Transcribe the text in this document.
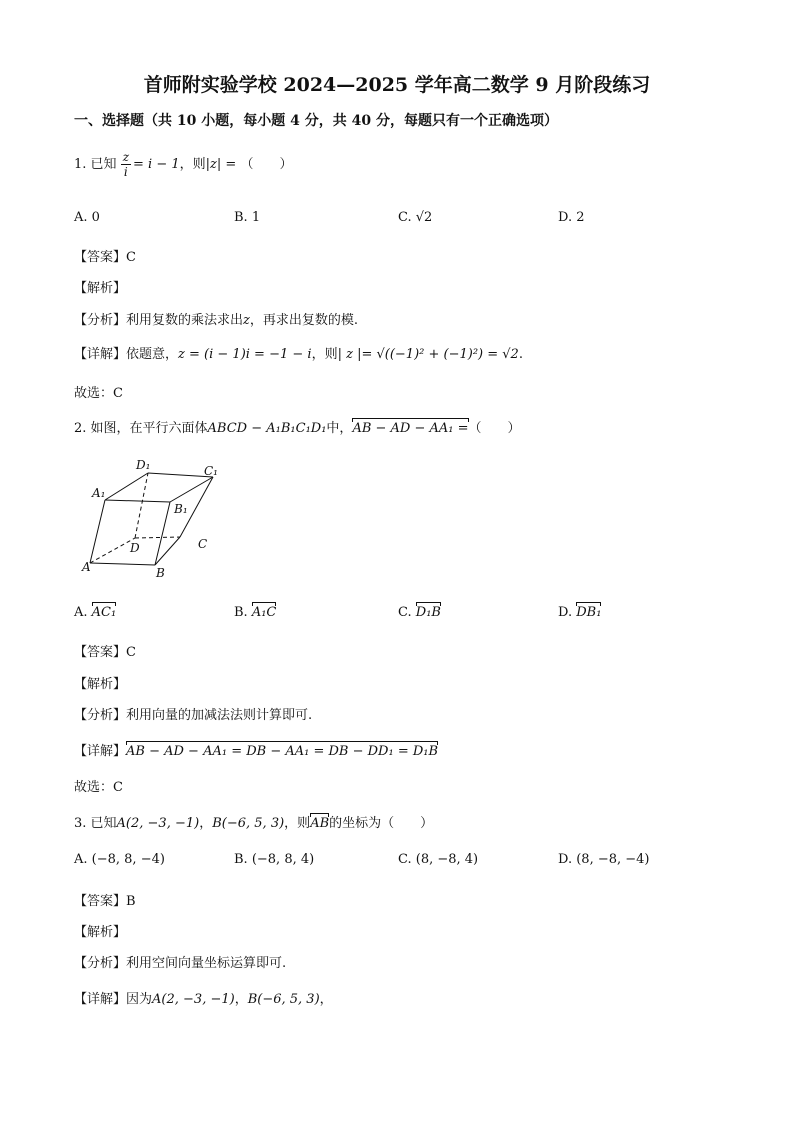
首师附实验学校 2024—2025 学年高二数学 9 月阶段练习
一、选择题（共 10 小题，每小题 4 分，共 40 分，每题只有一个正确选项）
1. 已知 $\frac{z}{i} = i - 1$，则|z| = （　　）
A. 0	B. 1	C. √2	D. 2
【答案】C
【解析】
【分析】利用复数的乘法求出z，再求出复数的模.
【详解】依题意，z = (i − 1)i = −1 − i，则| z |= √((−1)² + (−1)²) = √2.
故选：C
2. 如图，在平行六面体ABCD − A₁B₁C₁D₁中，AB − AD − AA₁ =（　　）
A	B
C
D
A₁
B₁
C₁
D₁
A. AC₁	B. A₁C	C. D₁B	D. DB₁
【答案】C
【解析】
【分析】利用向量的加减法法则计算即可.
【详解】AB − AD − AA₁ = DB − AA₁ = DB − DD₁ = D₁B
故选：C
3. 已知A(2, −3, −1)，B(−6, 5, 3)，则AB的坐标为（　　）
A. (−8, 8, −4)	B. (−8, 8, 4)	C. (8, −8, 4)	D. (8, −8, −4)
【答案】B
【解析】
【分析】利用空间向量坐标运算即可.
【详解】因为A(2, −3, −1)，B(−6, 5, 3)，
